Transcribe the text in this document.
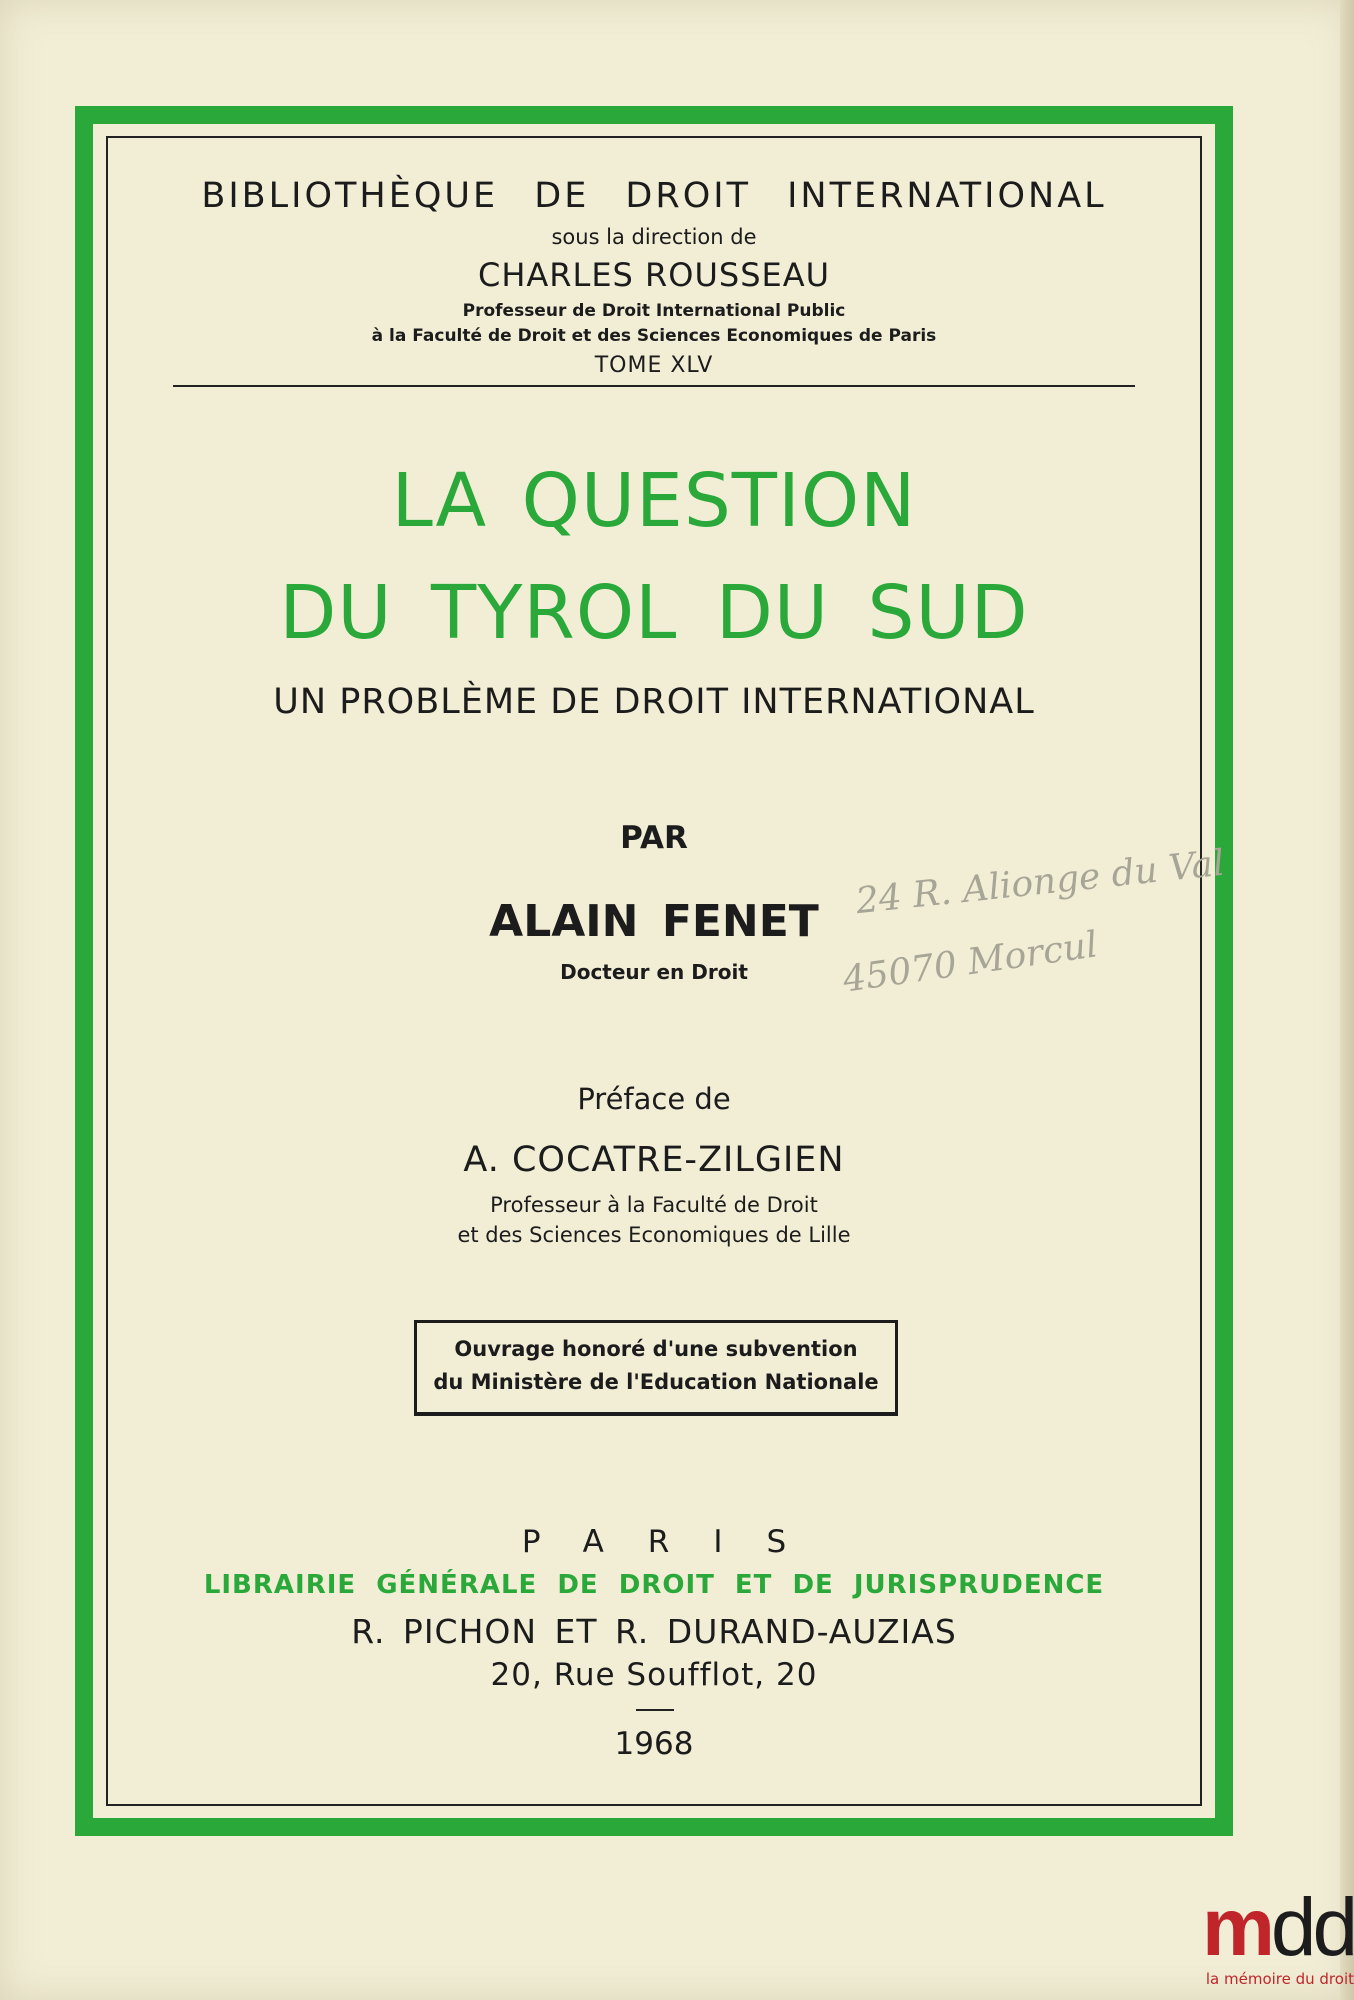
BIBLIOTHÈQUE DE DROIT INTERNATIONAL
sous la direction de
CHARLES ROUSSEAU
Professeur de Droit International Public
à la Faculté de Droit et des Sciences Economiques de Paris
TOME XLV
LA QUESTION
DU TYROL DU SUD
UN PROBLÈME DE DROIT INTERNATIONAL
PAR
ALAIN FENET
Docteur en Droit
Préface de
A. COCATRE-ZILGIEN
Professeur à la Faculté de Droit
et des Sciences Economiques de Lille
Ouvrage honoré d'une subvention
du Ministère de l'Education Nationale
PARIS
LIBRAIRIE GÉNÉRALE DE DROIT ET DE JURISPRUDENCE
R. PICHON ET R. DURAND-AUZIAS
20, Rue Soufflot, 20
1968
24 R. Alionge du Val
45070 Morcul
mdd
la mémoire du droit
